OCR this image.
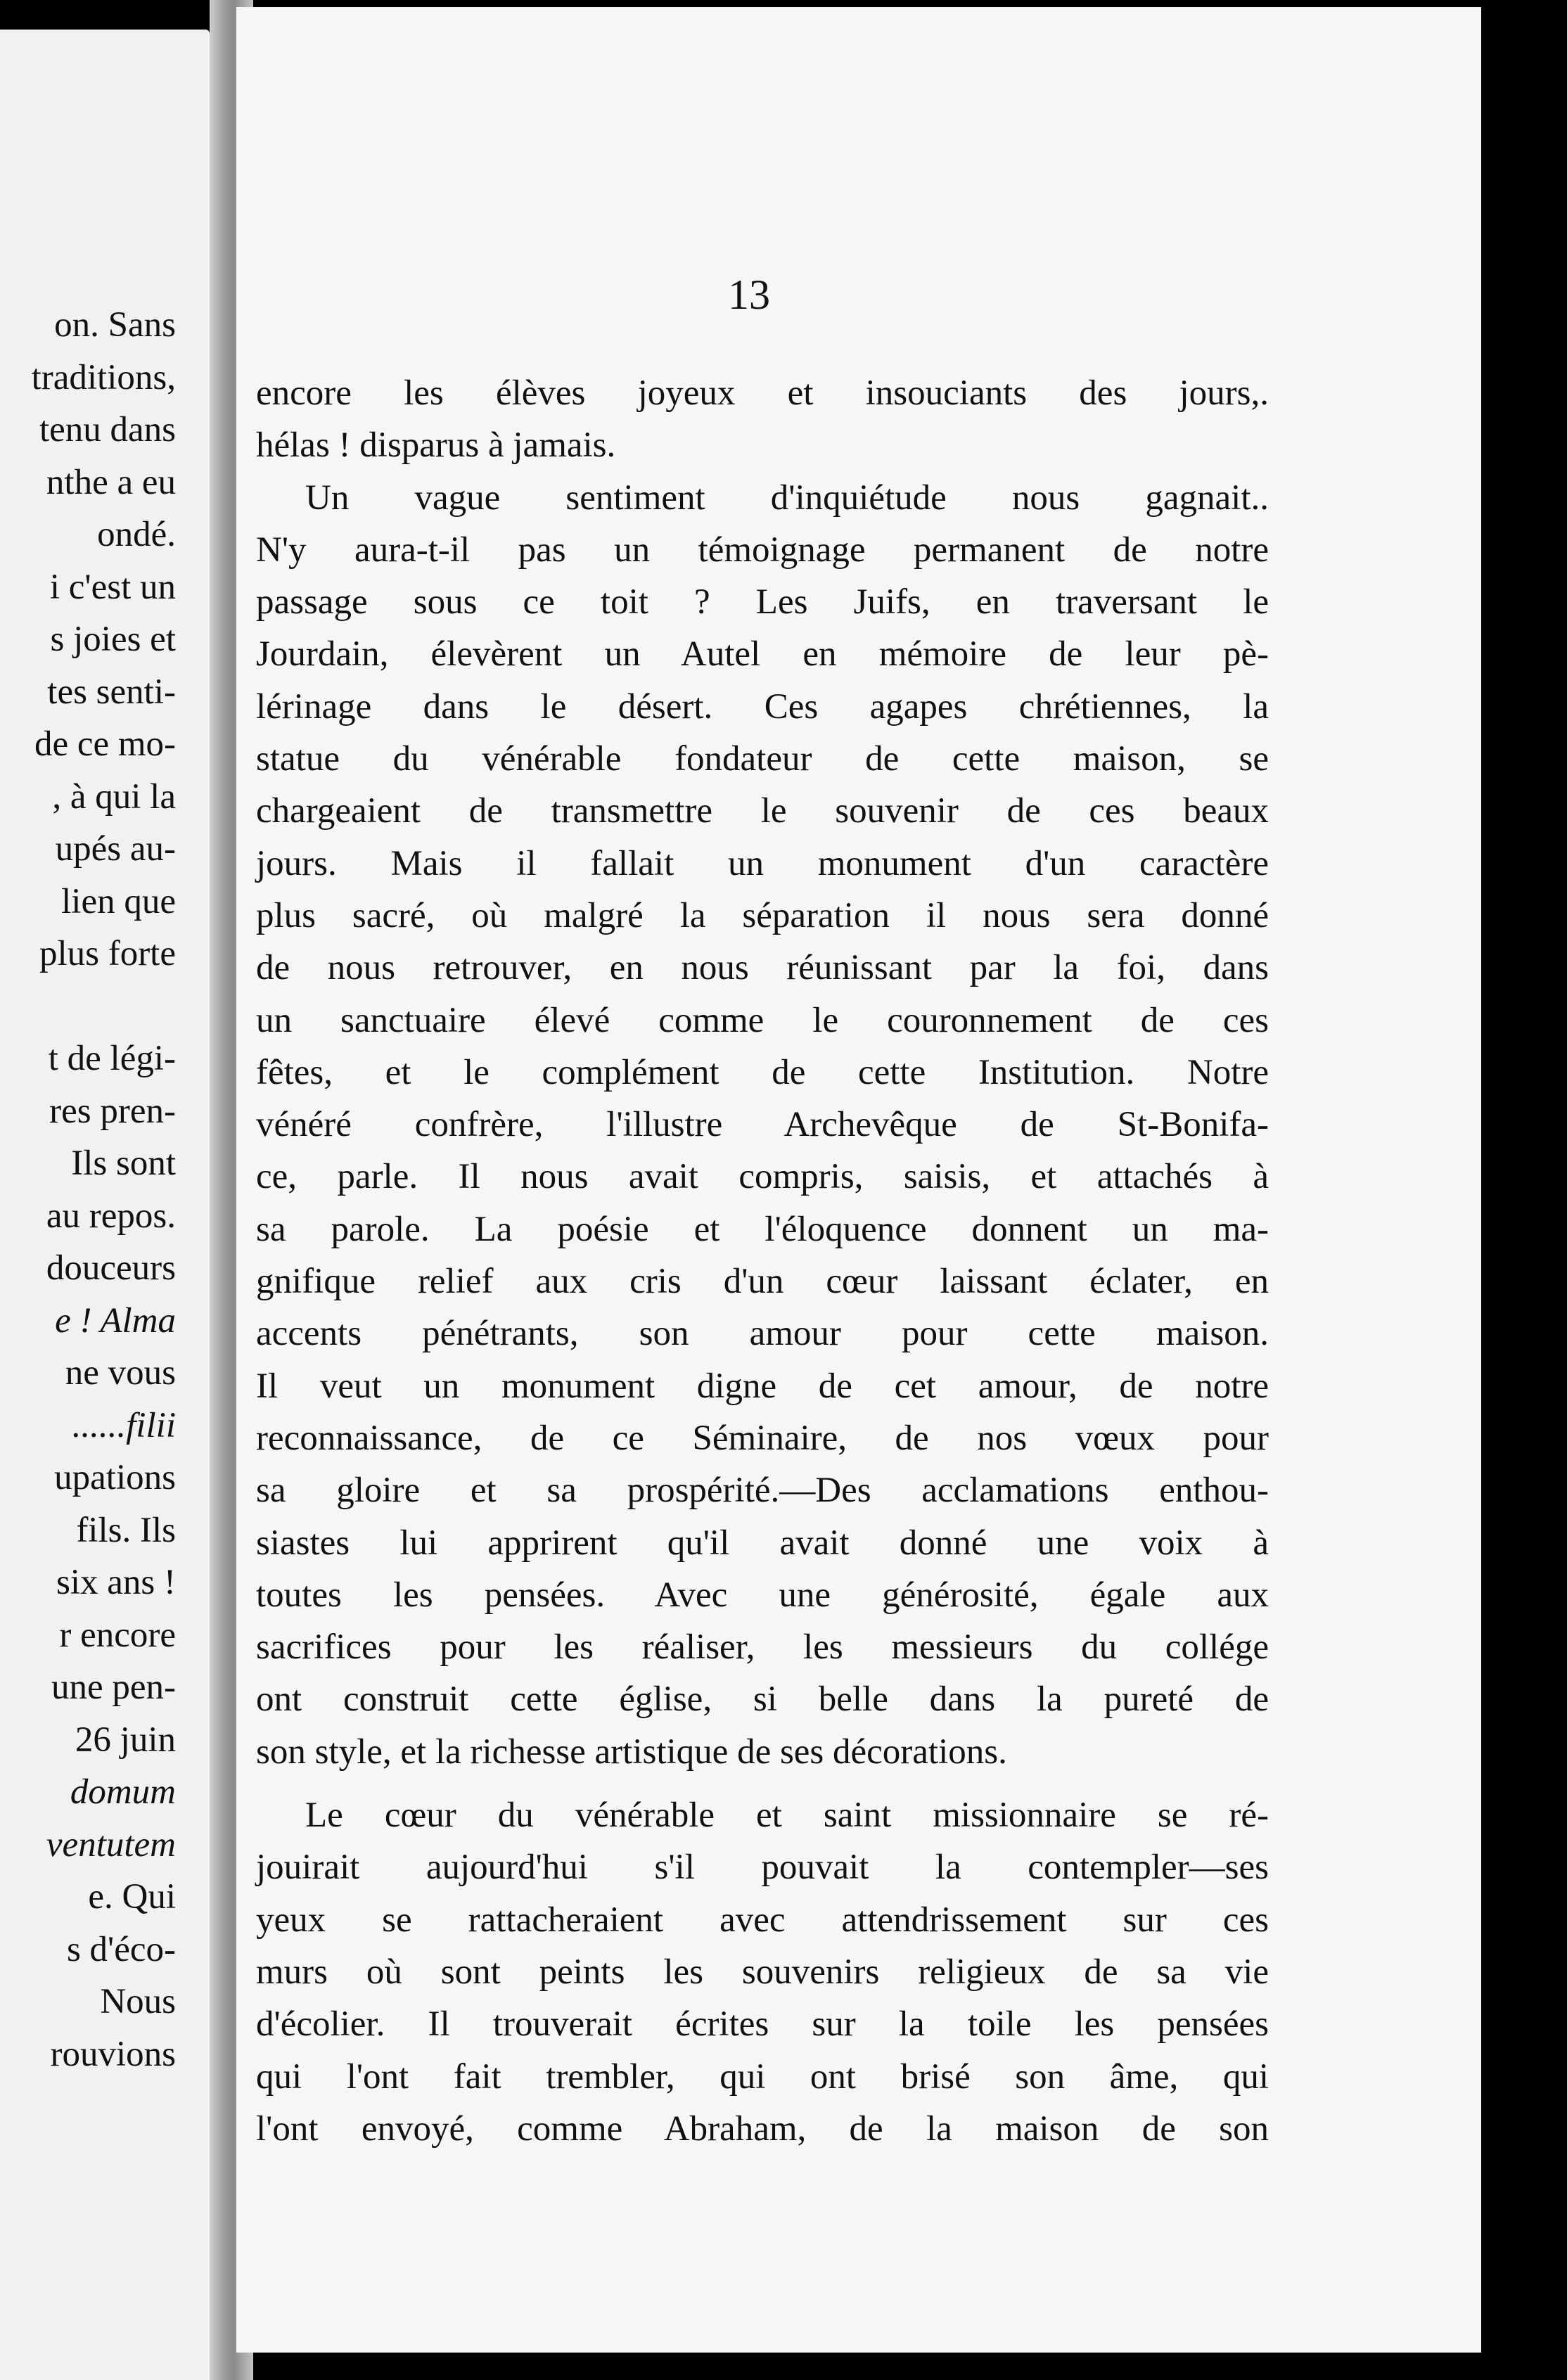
on. Sans
traditions,
tenu dans
nthe a eu
ondé.
i c'est un
s joies et
tes senti-
de ce mo-
, à qui la
upés au-
lien que
plus forte
t de légi-
res pren-
Ils sont
au repos.
douceurs
e ! Alma
ne vous
......filii
upations
fils. Ils
six ans !
r encore
une pen-
26 juin
domum
ventutem
e. Qui
s d'éco-
Nous
rouvions
13
encore les élèves joyeux et insouciants des jours,.
hélas ! disparus à jamais.
Un vague sentiment d'inquiétude nous gagnait..
N'y aura-t-il pas un témoignage permanent de notre
passage sous ce toit ? Les Juifs, en traversant le
Jourdain, élevèrent un Autel en mémoire de leur pè-
lérinage dans le désert. Ces agapes chrétiennes, la
statue du vénérable fondateur de cette maison, se
chargeaient de transmettre le souvenir de ces beaux
jours. Mais il fallait un monument d'un caractère
plus sacré, où malgré la séparation il nous sera donné
de nous retrouver, en nous réunissant par la foi, dans
un sanctuaire élevé comme le couronnement de ces
fêtes, et le complément de cette Institution. Notre
vénéré confrère, l'illustre Archevêque de St-Bonifa-
ce, parle. Il nous avait compris, saisis, et attachés à
sa parole. La poésie et l'éloquence donnent un ma-
gnifique relief aux cris d'un cœur laissant éclater, en
accents pénétrants, son amour pour cette maison.
Il veut un monument digne de cet amour, de notre
reconnaissance, de ce Séminaire, de nos vœux pour
sa gloire et sa prospérité.—Des acclamations enthou-
siastes lui apprirent qu'il avait donné une voix à
toutes les pensées. Avec une générosité, égale aux
sacrifices pour les réaliser, les messieurs du collége
ont construit cette église, si belle dans la pureté de
son style, et la richesse artistique de ses décorations.
Le cœur du vénérable et saint missionnaire se ré-
jouirait aujourd'hui s'il pouvait la contempler—ses
yeux se rattacheraient avec attendrissement sur ces
murs où sont peints les souvenirs religieux de sa vie
d'écolier. Il trouverait écrites sur la toile les pensées
qui l'ont fait trembler, qui ont brisé son âme, qui
l'ont envoyé, comme Abraham, de la maison de son
